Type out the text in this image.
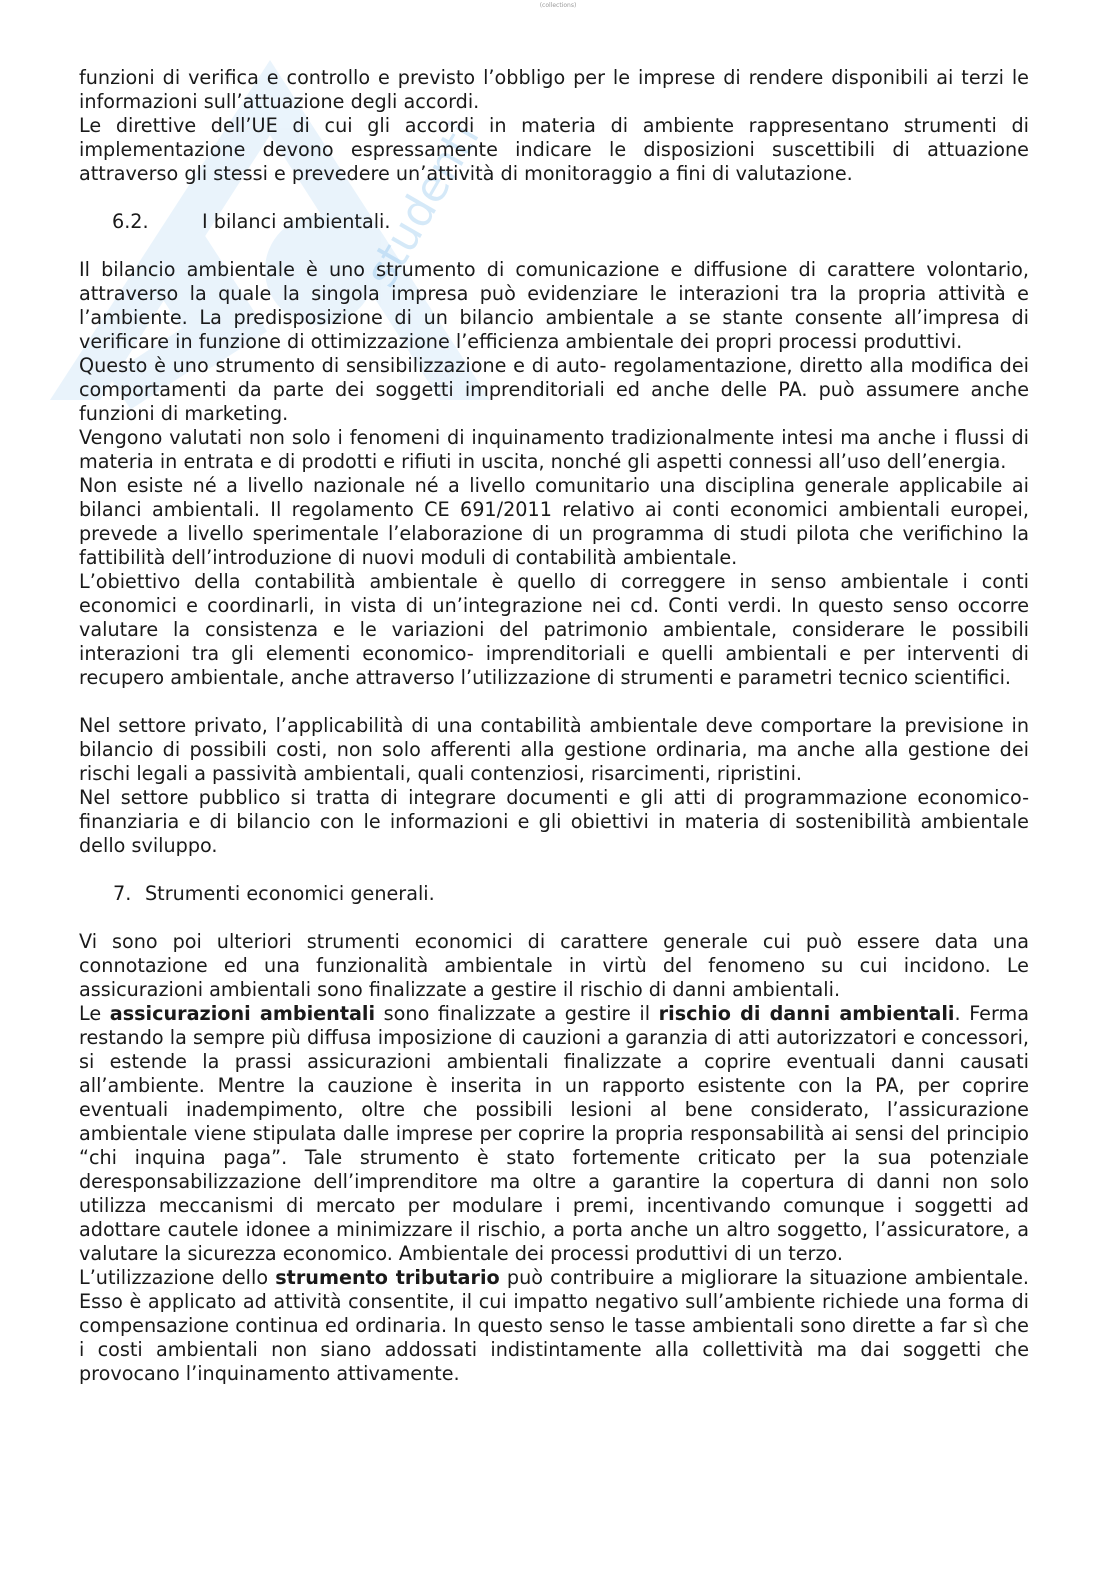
(collections)
studenti

funzioni di verifica e controllo e previsto l’obbligo per le imprese di rendere disponibili ai terzi le informazioni sull’attuazione degli accordi.

Le direttive dell’UE di cui gli accordi in materia di ambiente rappresentano strumenti di implementazione devono espressamente indicare le disposizioni suscettibili di attuazione attraverso gli stessi e prevedere un’attività di monitoraggio a fini di valutazione.

6.2.	I bilanci ambientali.

Il bilancio ambientale è uno strumento di comunicazione e diffusione di carattere volontario, attraverso la quale la singola impresa può evidenziare le interazioni tra la propria attività e l’ambiente. La predisposizione di un bilancio ambientale a se stante consente all’impresa di verificare in funzione di ottimizzazione l’efficienza ambientale dei propri processi produttivi.

Questo è uno strumento di sensibilizzazione e di auto- regolamentazione, diretto alla modifica dei comportamenti da parte dei soggetti imprenditoriali ed anche delle PA. può assumere anche funzioni di marketing.

Vengono valutati non solo i fenomeni di inquinamento tradizionalmente intesi ma anche i flussi di materia in entrata e di prodotti e rifiuti in uscita, nonché gli aspetti connessi all’uso dell’energia.

Non esiste né a livello nazionale né a livello comunitario una disciplina generale applicabile ai bilanci ambientali. Il regolamento CE 691/2011 relativo ai conti economici ambientali europei, prevede a livello sperimentale l’elaborazione di un programma di studi pilota che verifichino la fattibilità dell’introduzione di nuovi moduli di contabilità ambientale.

L’obiettivo della contabilità ambientale è quello di correggere in senso ambientale i conti economici e coordinarli, in vista di un’integrazione nei cd. Conti verdi. In questo senso occorre valutare la consistenza e le variazioni del patrimonio ambientale, considerare le possibili interazioni tra gli elementi economico- imprenditoriali e quelli ambientali e per interventi di recupero ambientale, anche attraverso l’utilizzazione di strumenti e parametri tecnico scientifici.

Nel settore privato, l’applicabilità di una contabilità ambientale deve comportare la previsione in bilancio di possibili costi, non solo afferenti alla gestione ordinaria, ma anche alla gestione dei rischi legali a passività ambientali, quali contenziosi, risarcimenti, ripristini.

Nel settore pubblico si tratta di integrare documenti e gli atti di programmazione economico- finanziaria e di bilancio con le informazioni e gli obiettivi in materia di sostenibilità ambientale dello sviluppo.

7. Strumenti economici generali.

Vi sono poi ulteriori strumenti economici di carattere generale cui può essere data una connotazione ed una funzionalità ambientale in virtù del fenomeno su cui incidono. Le assicurazioni ambientali sono finalizzate a gestire il rischio di danni ambientali.

Le assicurazioni ambientali sono finalizzate a gestire il rischio di danni ambientali. Ferma restando la sempre più diffusa imposizione di cauzioni a garanzia di atti autorizzatori e concessori, si estende la prassi assicurazioni ambientali finalizzate a coprire eventuali danni causati all’ambiente. Mentre la cauzione è inserita in un rapporto esistente con la PA, per coprire eventuali inadempimento, oltre che possibili lesioni al bene considerato, l’assicurazione ambientale viene stipulata dalle imprese per coprire la propria responsabilità ai sensi del principio “chi inquina paga”. Tale strumento è stato fortemente criticato per la sua potenziale deresponsabilizzazione dell’imprenditore ma oltre a garantire la copertura di danni non solo utilizza meccanismi di mercato per modulare i premi, incentivando comunque i soggetti ad adottare cautele idonee a minimizzare il rischio, a porta anche un altro soggetto, l’assicuratore, a valutare la sicurezza economico. Ambientale dei processi produttivi di un terzo.

L’utilizzazione dello strumento tributario può contribuire a migliorare la situazione ambientale. Esso è applicato ad attività consentite, il cui impatto negativo sull’ambiente richiede una forma di compensazione continua ed ordinaria. In questo senso le tasse ambientali sono dirette a far sì che i costi ambientali non siano addossati indistintamente alla collettività ma dai soggetti che provocano l’inquinamento attivamente.
